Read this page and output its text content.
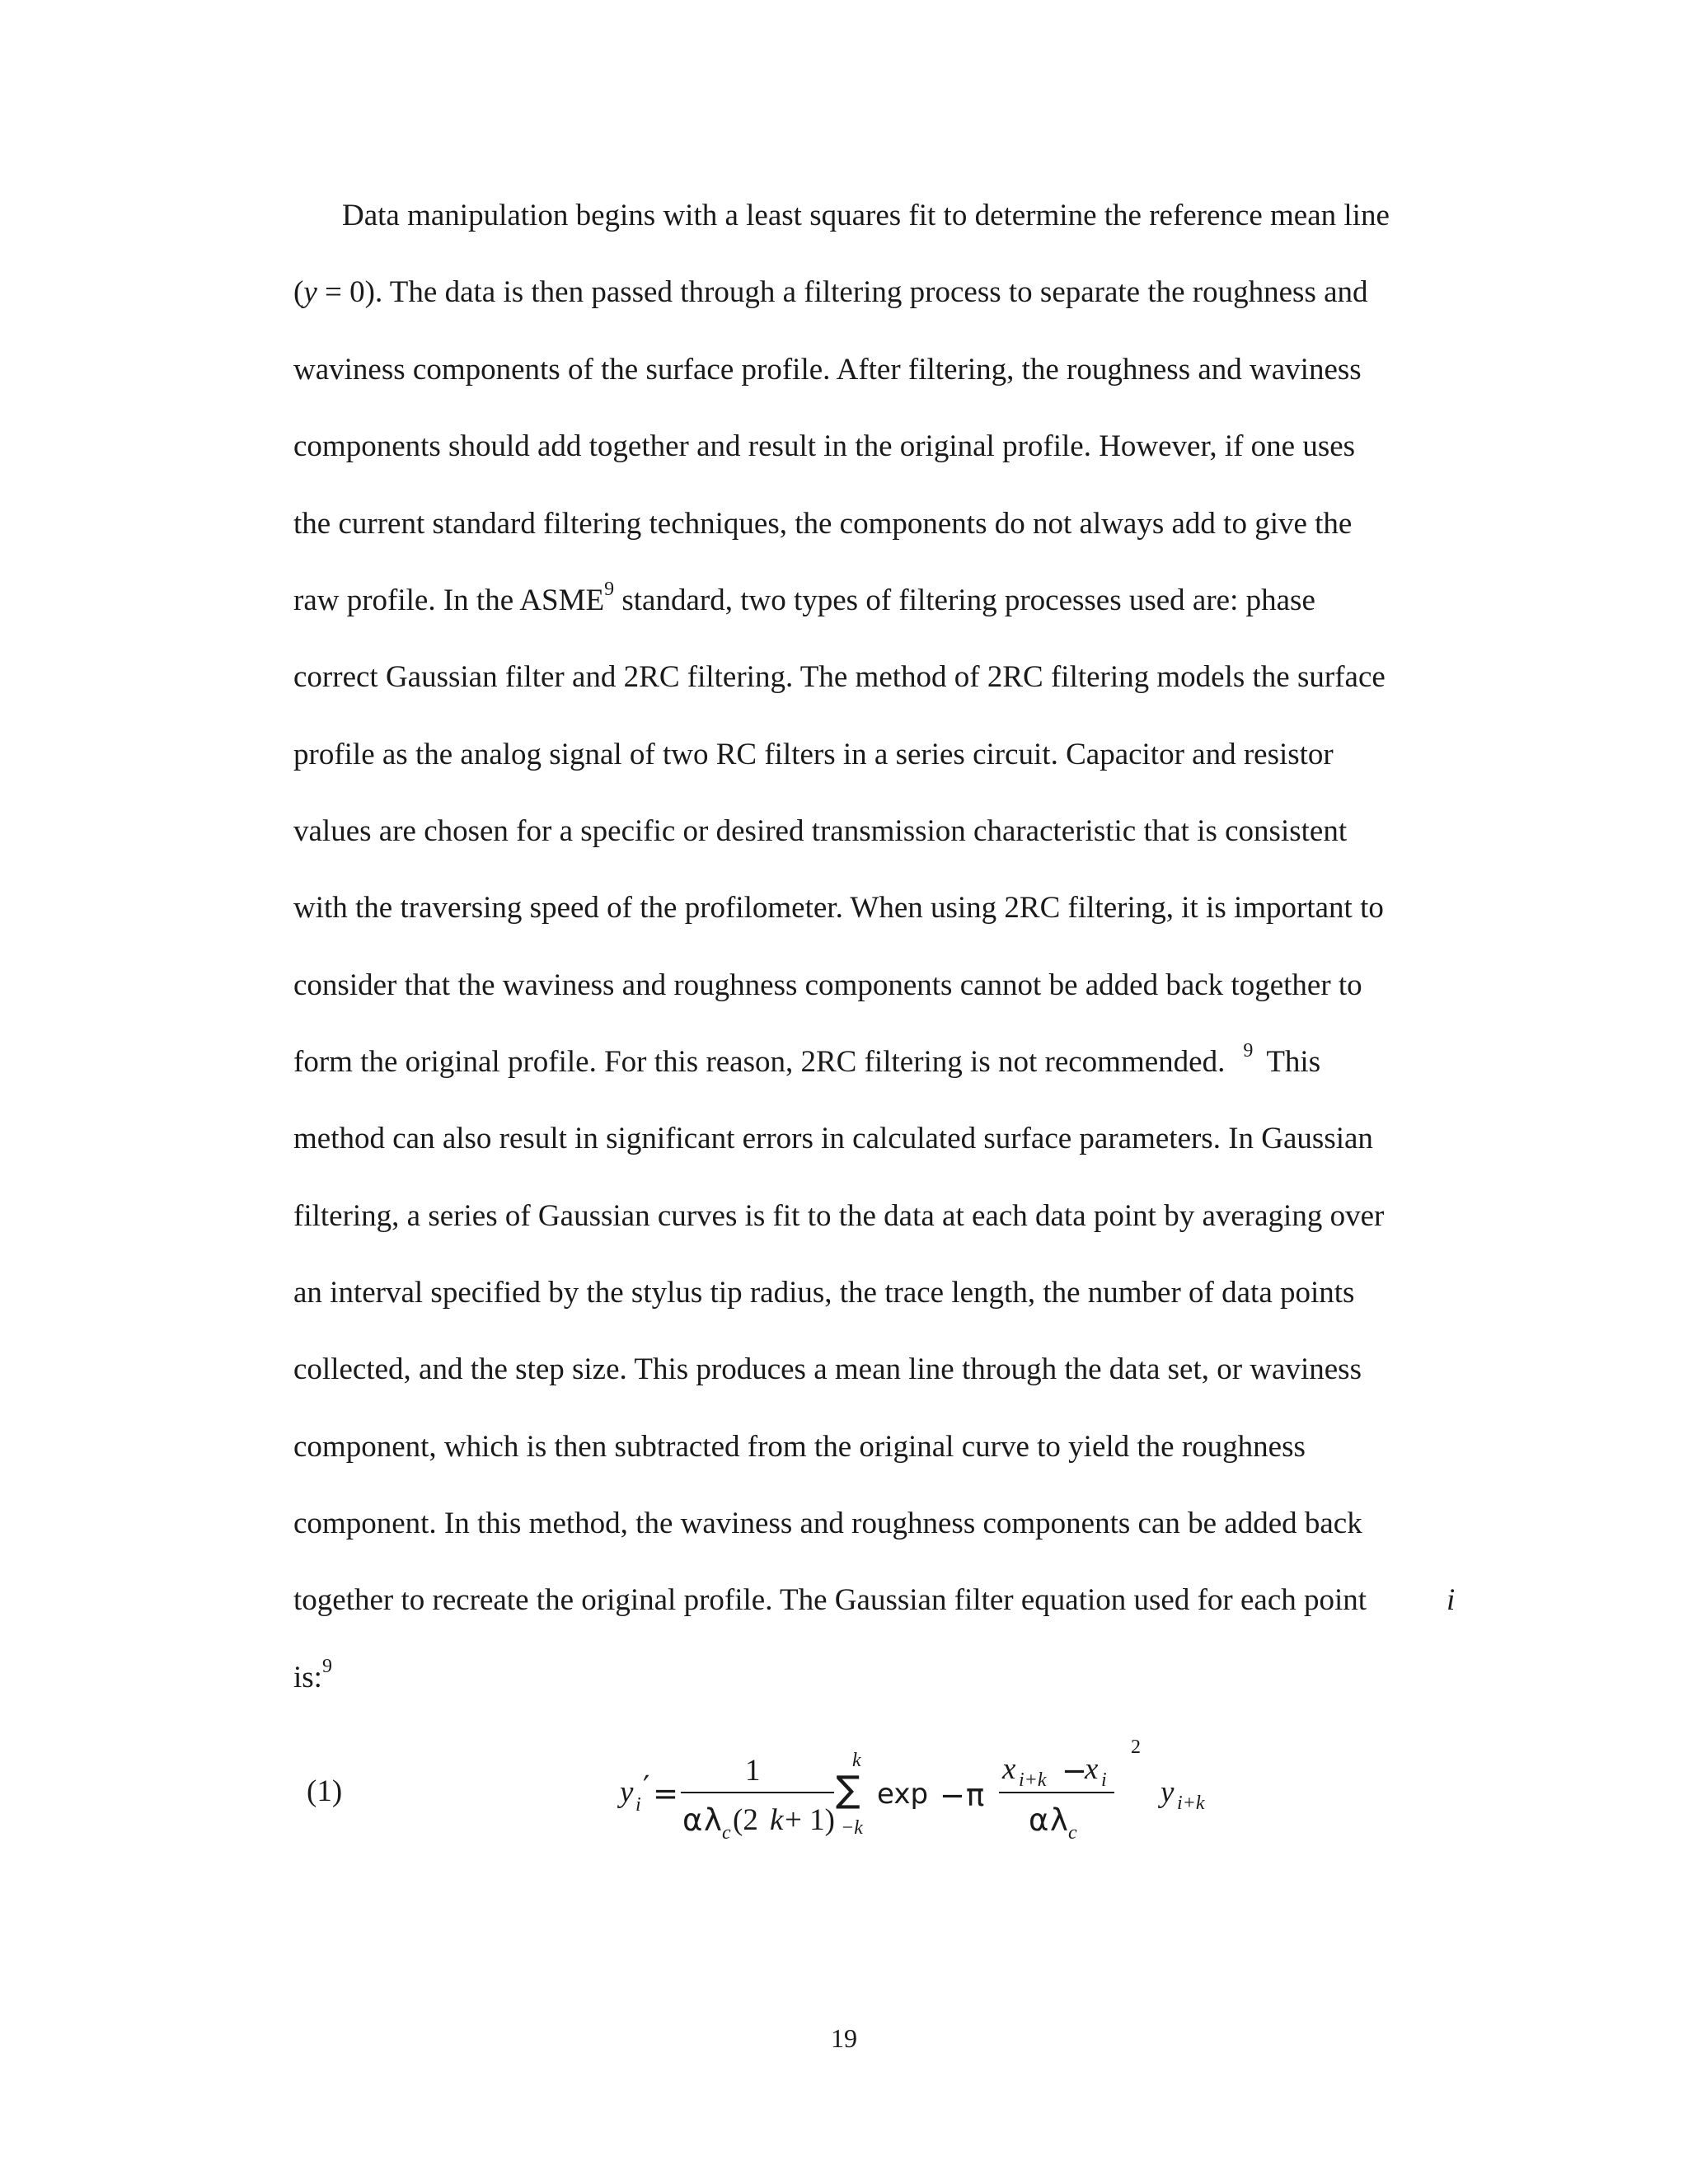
Data manipulation begins with a least squares fit to determine the reference mean line
(y = 0). The data is then passed through a filtering process to separate the roughness and
waviness components of the surface profile. After filtering, the roughness and waviness
components should add together and result in the original profile. However, if one uses
the current standard filtering techniques, the components do not always add to give the
raw profile. In the ASME$^9$ standard, two types of filtering processes used are: phase
correct Gaussian filter and 2RC filtering. The method of 2RC filtering models the surface
profile as the analog signal of two RC filters in a series circuit. Capacitor and resistor
values are chosen for a specific or desired transmission characteristic that is consistent
with the traversing speed of the profilometer. When using 2RC filtering, it is important to
consider that the waviness and roughness components cannot be added back together to
form the original profile. For this reason, 2RC filtering is not recommended. $^9$ This
method can also result in significant errors in calculated surface parameters. In Gaussian
filtering, a series of Gaussian curves is fit to the data at each data point by averaging over
an interval specified by the stylus tip radius, the trace length, the number of data points
collected, and the step size. This produces a mean line through the data set, or waviness
component, which is then subtracted from the original curve to yield the roughness
component. In this method, the waviness and roughness components can be added back
together to recreate the original profile. The Gaussian filter equation used for each point	i
is:$^9$
(1)	y i ′ =
1
α λ c (2 k + 1)
k
∑
−k
exp − π
x i+k −
x i
α λ c
2
y i+k
19
